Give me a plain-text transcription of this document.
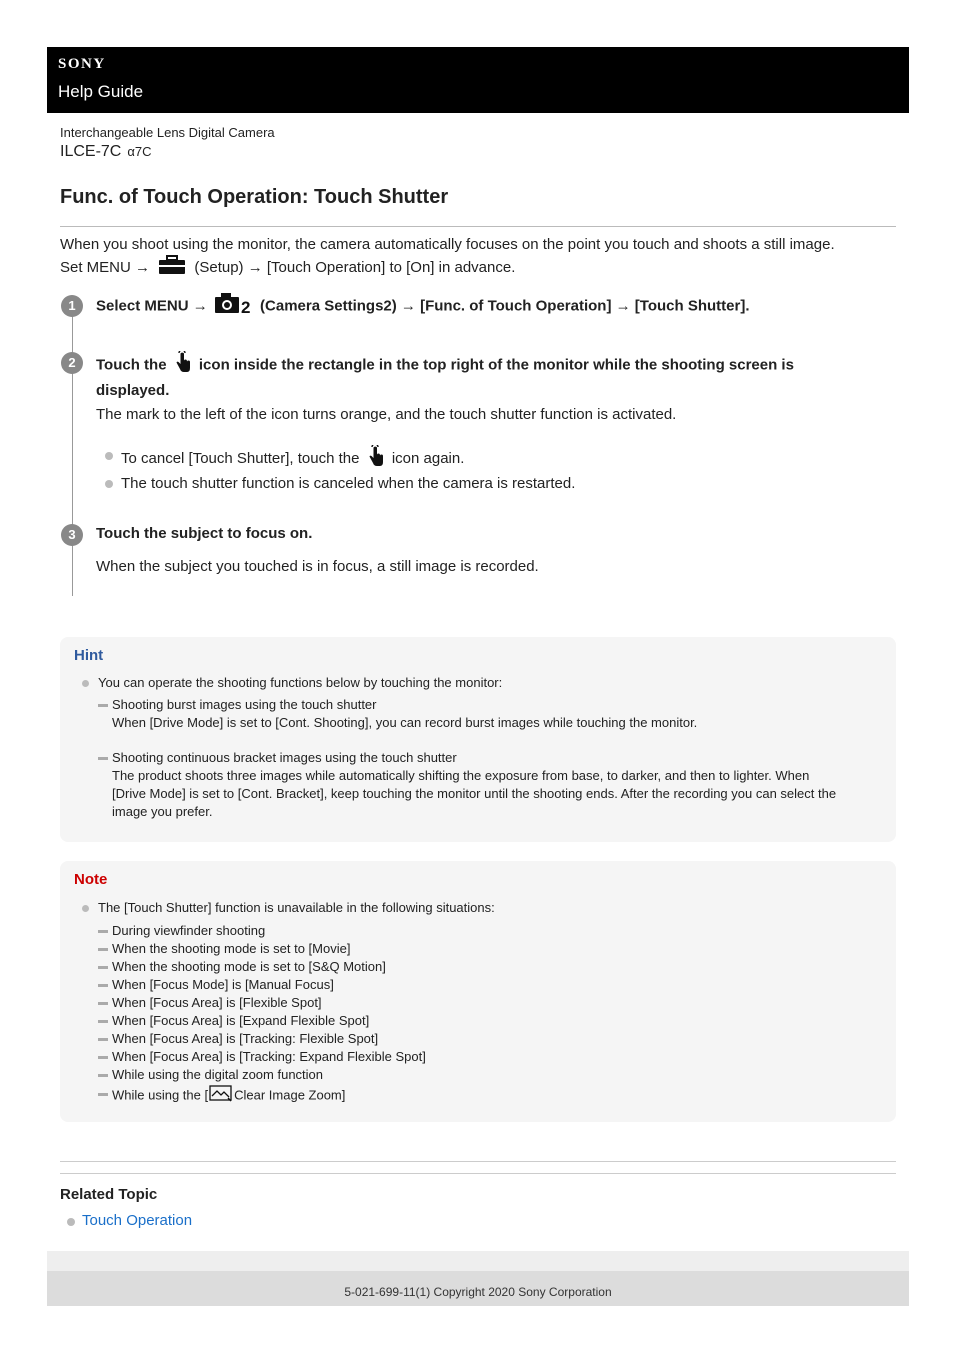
SONY
Help Guide
Interchangeable Lens Digital Camera
ILCE-7C α7C
Func. of Touch Operation: Touch Shutter
When you shoot using the monitor, the camera automatically focuses on the point you touch and shoots a still image.
Set MENU →	(Setup) → [Touch Operation] to [On] in advance.
1	Select MENU → 2 (Camera Settings2) → [Func. of Touch Operation] → [Touch Shutter].
2	Touch the icon inside the rectangle in the top right of the monitor while the shooting screen is
displayed.
The mark to the left of the icon turns orange, and the touch shutter function is activated.
To cancel [Touch Shutter], touch the icon again.
The touch shutter function is canceled when the camera is restarted.
3	Touch the subject to focus on.
When the subject you touched is in focus, a still image is recorded.
Hint
You can operate the shooting functions below by touching the monitor:
Shooting burst images using the touch shutter
When [Drive Mode] is set to [Cont. Shooting], you can record burst images while touching the monitor.
Shooting continuous bracket images using the touch shutter
The product shoots three images while automatically shifting the exposure from base, to darker, and then to lighter. When
[Drive Mode] is set to [Cont. Bracket], keep touching the monitor until the shooting ends. After the recording you can select the
image you prefer.
Note
The [Touch Shutter] function is unavailable in the following situations:
During viewfinder shooting
When the shooting mode is set to [Movie]
When the shooting mode is set to [S&Q Motion]
When [Focus Mode] is [Manual Focus]
When [Focus Area] is [Flexible Spot]
When [Focus Area] is [Expand Flexible Spot]
When [Focus Area] is [Tracking: Flexible Spot]
When [Focus Area] is [Tracking: Expand Flexible Spot]
While using the digital zoom function
While using the [ Clear Image Zoom]
Related Topic
Touch Operation
5-021-699-11(1) Copyright 2020 Sony Corporation
